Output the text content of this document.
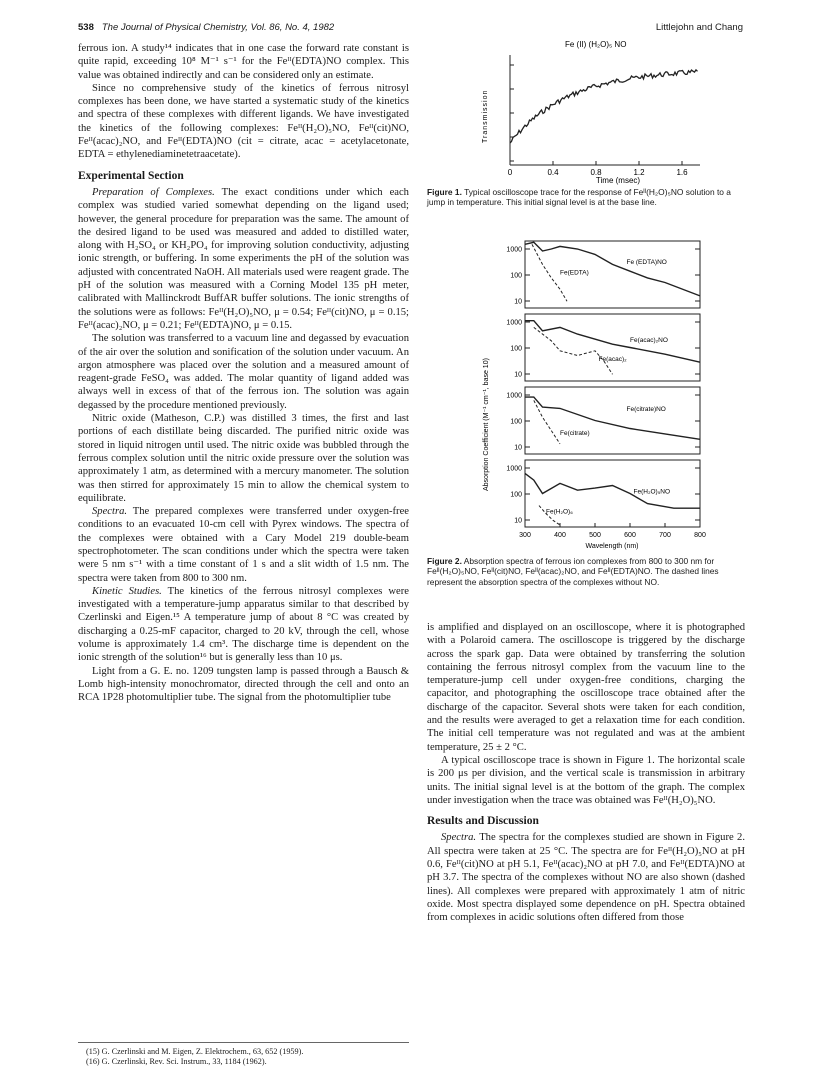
538 The Journal of Physical Chemistry, Vol. 86, No. 4, 1982	Littlejohn and Chang

ferrous ion. A study¹⁴ indicates that in one case the forward rate constant is quite rapid, exceeding 10⁸ M⁻¹ s⁻¹ for the Feᴵᴵ(EDTA)NO complex. This value was obtained indirectly and can be considered only an estimate.

Since no comprehensive study of the kinetics of ferrous nitrosyl complexes has been done, we have started a systematic study of the kinetics and spectra of these complexes with different ligands. We have investigated the kinetics of the following complexes: Feᴵᴵ(H₂O)₅NO, Feᴵᴵ(cit)NO, Feᴵᴵ(acac)₂NO, and Feᴵᴵ(EDTA)NO (cit = citrate, acac = acetylacetonate, EDTA = ethylenediaminetetraacetate).

Experimental Section

Preparation of Complexes. The exact conditions under which each complex was studied varied somewhat depending on the ligand used; however, the general procedure for preparation was the same. The amount of the desired ligand to be used was measured and added to distilled water, along with H₂SO₄ or KH₂PO₄ for improving solution conductivity, adjusting ionic strength, or buffering. In some experiments the pH of the solution was adjusted with concentrated NaOH. All materials used were reagent grade. The pH of the solution was measured with a Corning Model 135 pH meter, calibrated with Mallinckrodt BuffAR buffer solutions. The ionic strengths of the solutions were as follows: Feᴵᴵ(H₂O)₅NO, μ = 0.54; Feᴵᴵ(cit)NO, μ = 0.15; Feᴵᴵ(acac)₂NO, μ = 0.21; Feᴵᴵ(EDTA)NO, μ = 0.15.

The solution was transferred to a vacuum line and degassed by evacuation of the air over the solution and sonification of the solution under vacuum. An argon atmosphere was placed over the solution and a measured amount of reagent-grade FeSO₄ was added. The molar quantity of ligand added was always well in excess of that of the ferrous ion. The solution was again degassed by the procedure mentioned previously.

Nitric oxide (Matheson, C.P.) was distilled 3 times, the first and last portions of each distillate being discarded. The purified nitric oxide was stored in liquid nitrogen until used. The nitric oxide was bubbled through the ferrous complex solution until the nitric oxide pressure over the solution was approximately 1 atm, as determined with a mercury manometer. The solution was then stirred for approximately 15 min to allow the chemical system to equilibrate.

Spectra. The prepared complexes were transferred under oxygen-free conditions to an evacuated 10-cm cell with Pyrex windows. The spectra of the complexes were obtained with a Cary Model 219 double-beam spectrophotometer. The scan conditions under which the spectra were taken were 5 nm s⁻¹ with a time constant of 1 s and a slit width of 1.5 nm. The spectra were taken from 800 to 300 nm.

Kinetic Studies. The kinetics of the ferrous nitrosyl complexes were investigated with a temperature-jump apparatus similar to that described by Czerlinski and Eigen.¹⁵ A temperature jump of about 8 °C was created by discharging a 0.25-mF capacitor, charged to 20 kV, through the cell, whose volume is approximately 1.4 cm³. The discharge time is dependent on the ionic strength of the solution¹⁶ but is generally less than 10 μs.

Light from a G. E. no. 1209 tungsten lamp is passed through a Bausch & Lomb high-intensity monochromator, directed through the cell and onto an RCA 1P28 photomultiplier tube. The signal from the photomultiplier tube

(15) G. Czerlinski and M. Eigen, Z. Elektrochem., 63, 652 (1959).
(16) G. Czerlinski, Rev. Sci. Instrum., 33, 1184 (1962).
Fe (II) (H₂O)₅ NO
Transmission
0	0.4	0.8	1.2	1.6
Time (msec)
Figure 1. Typical oscilloscope trace for the response of Feᴵᴵ(H₂O)₅NO solution to a jump in temperature. This initial signal level is at the base line.
Absorption Coefficient (M⁻¹ cm⁻¹, base 10)
1000
100
10
Fe (EDTA)NO
Fe(EDTA)
1000
100
10
Fe(acac)₂NO
Fe(acac)₂
1000
100
10
Fe(citrate)NO
Fe(citrate)
1000
100
10
Fe(H₂O)₅NO
Fe(H₂O)₆
300	400	500	600	700	800
Wavelength (nm)
Figure 2. Absorption spectra of ferrous ion complexes from 800 to 300 nm for Feᴵᴵ(H₂O)₅NO, Feᴵᴵ(cit)NO, Feᴵᴵ(acac)₂NO, and Feᴵᴵ(EDTA)NO. The dashed lines represent the absorption spectra of the complexes without NO.

is amplified and displayed on an oscilloscope, where it is photographed with a Polaroid camera. The oscilloscope is triggered by the discharge across the spark gap. Data were obtained by transferring the solution containing the ferrous nitrosyl complex from the vacuum line to the temperature-jump cell under oxygen-free conditions, charging the capacitor, and photographing the oscilloscope trace obtained after the discharge of the capacitor. Several shots were taken for each condition, and the results were averaged to get a relaxation time for each condition. The initial cell temperature was not regulated and was at the ambient temperature, 25 ± 2 °C.

A typical oscilloscope trace is shown in Figure 1. The horizontal scale is 200 μs per division, and the vertical scale is transmission in arbitrary units. The initial signal level is at the bottom of the graph. The complex under investigation when the trace was obtained was Feᴵᴵ(H₂O)₅NO.

Results and Discussion

Spectra. The spectra for the complexes studied are shown in Figure 2. All spectra were taken at 25 °C. The spectra are for Feᴵᴵ(H₂O)₅NO at pH 0.6, Feᴵᴵ(cit)NO at pH 5.1, Feᴵᴵ(acac)₂NO at pH 7.0, and Feᴵᴵ(EDTA)NO at pH 3.7. The spectra of the complexes without NO are also shown (dashed lines). All complexes were prepared with approximately 1 atm of nitric oxide. Most spectra displayed some dependence on pH. Spectra obtained from complexes in acidic solutions often differed from those
